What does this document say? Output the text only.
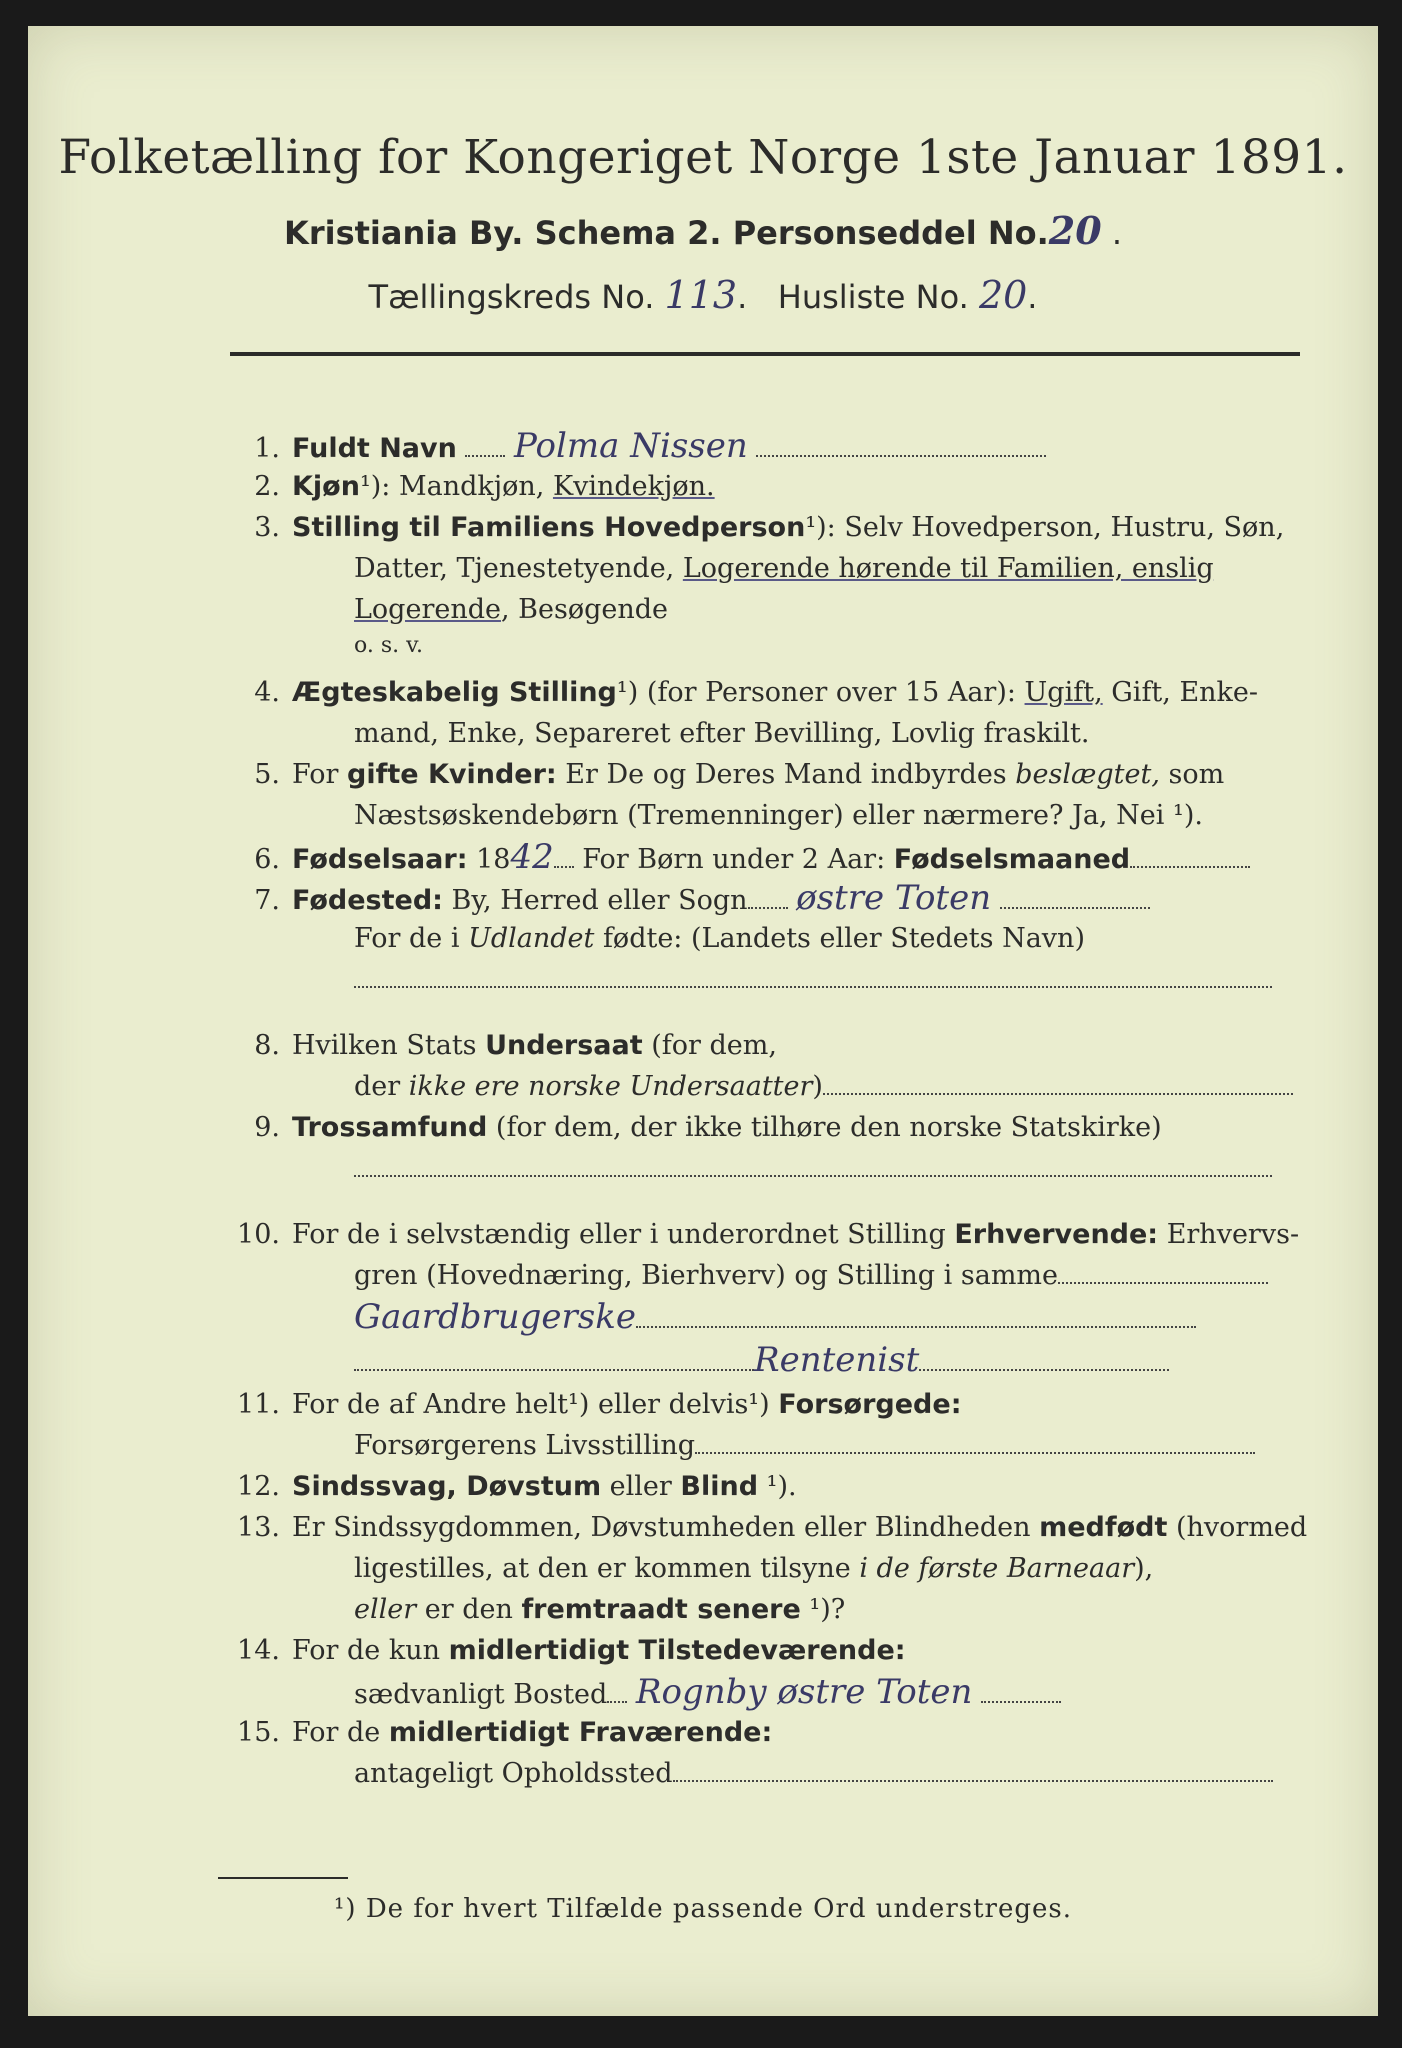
Folketælling for Kongeriget Norge 1ste Januar 1891.
Kristiania By. Schema 2. Personseddel No.20 .
Tællingskreds No. 113.   Husliste No. 20.
1. Fuldt Navn Polma Nissen
2. Kjøn¹): Mandkjøn, Kvindekjøn.
3. Stilling til Familiens Hovedperson¹): Selv Hovedperson, Hustru, Søn,
Datter, Tjenestetyende, Logerende hørende til Familien, enslig
Logerende, Besøgende
o. s. v.
4. Ægteskabelig Stilling¹) (for Personer over 15 Aar): Ugift, Gift, Enke-
mand, Enke, Separeret efter Bevilling, Lovlig fraskilt.
5. For gifte Kvinder: Er De og Deres Mand indbyrdes beslægtet, som
Næstsøskendebørn (Tremenninger) eller nærmere? Ja, Nei ¹).
6. Fødselsaar: 1842 For Børn under 2 Aar: Fødselsmaaned
7. Fødested: By, Herred eller Sogn østre Toten
For de i Udlandet fødte: (Landets eller Stedets Navn)
8. Hvilken Stats Undersaat (for dem,
der ikke ere norske Undersaatter)
9. Trossamfund (for dem, der ikke tilhøre den norske Statskirke)
10. For de i selvstændig eller i underordnet Stilling Erhvervende: Erhvervs-
gren (Hovednæring, Bierhverv) og Stilling i samme
Gaardbrugerske
Rentenist
11. For de af Andre helt¹) eller delvis¹) Forsørgede:
Forsørgerens Livsstilling
12. Sindssvag, Døvstum eller Blind ¹).
13. Er Sindssygdommen, Døvstumheden eller Blindheden medfødt (hvormed
ligestilles, at den er kommen tilsyne i de første Barneaar),
eller er den fremtraadt senere ¹)?
14. For de kun midlertidigt Tilstedeværende:
sædvanligt Bosted Rognby østre Toten
15. For de midlertidigt Fraværende:
antageligt Opholdssted
¹) De for hvert Tilfælde passende Ord understreges.
